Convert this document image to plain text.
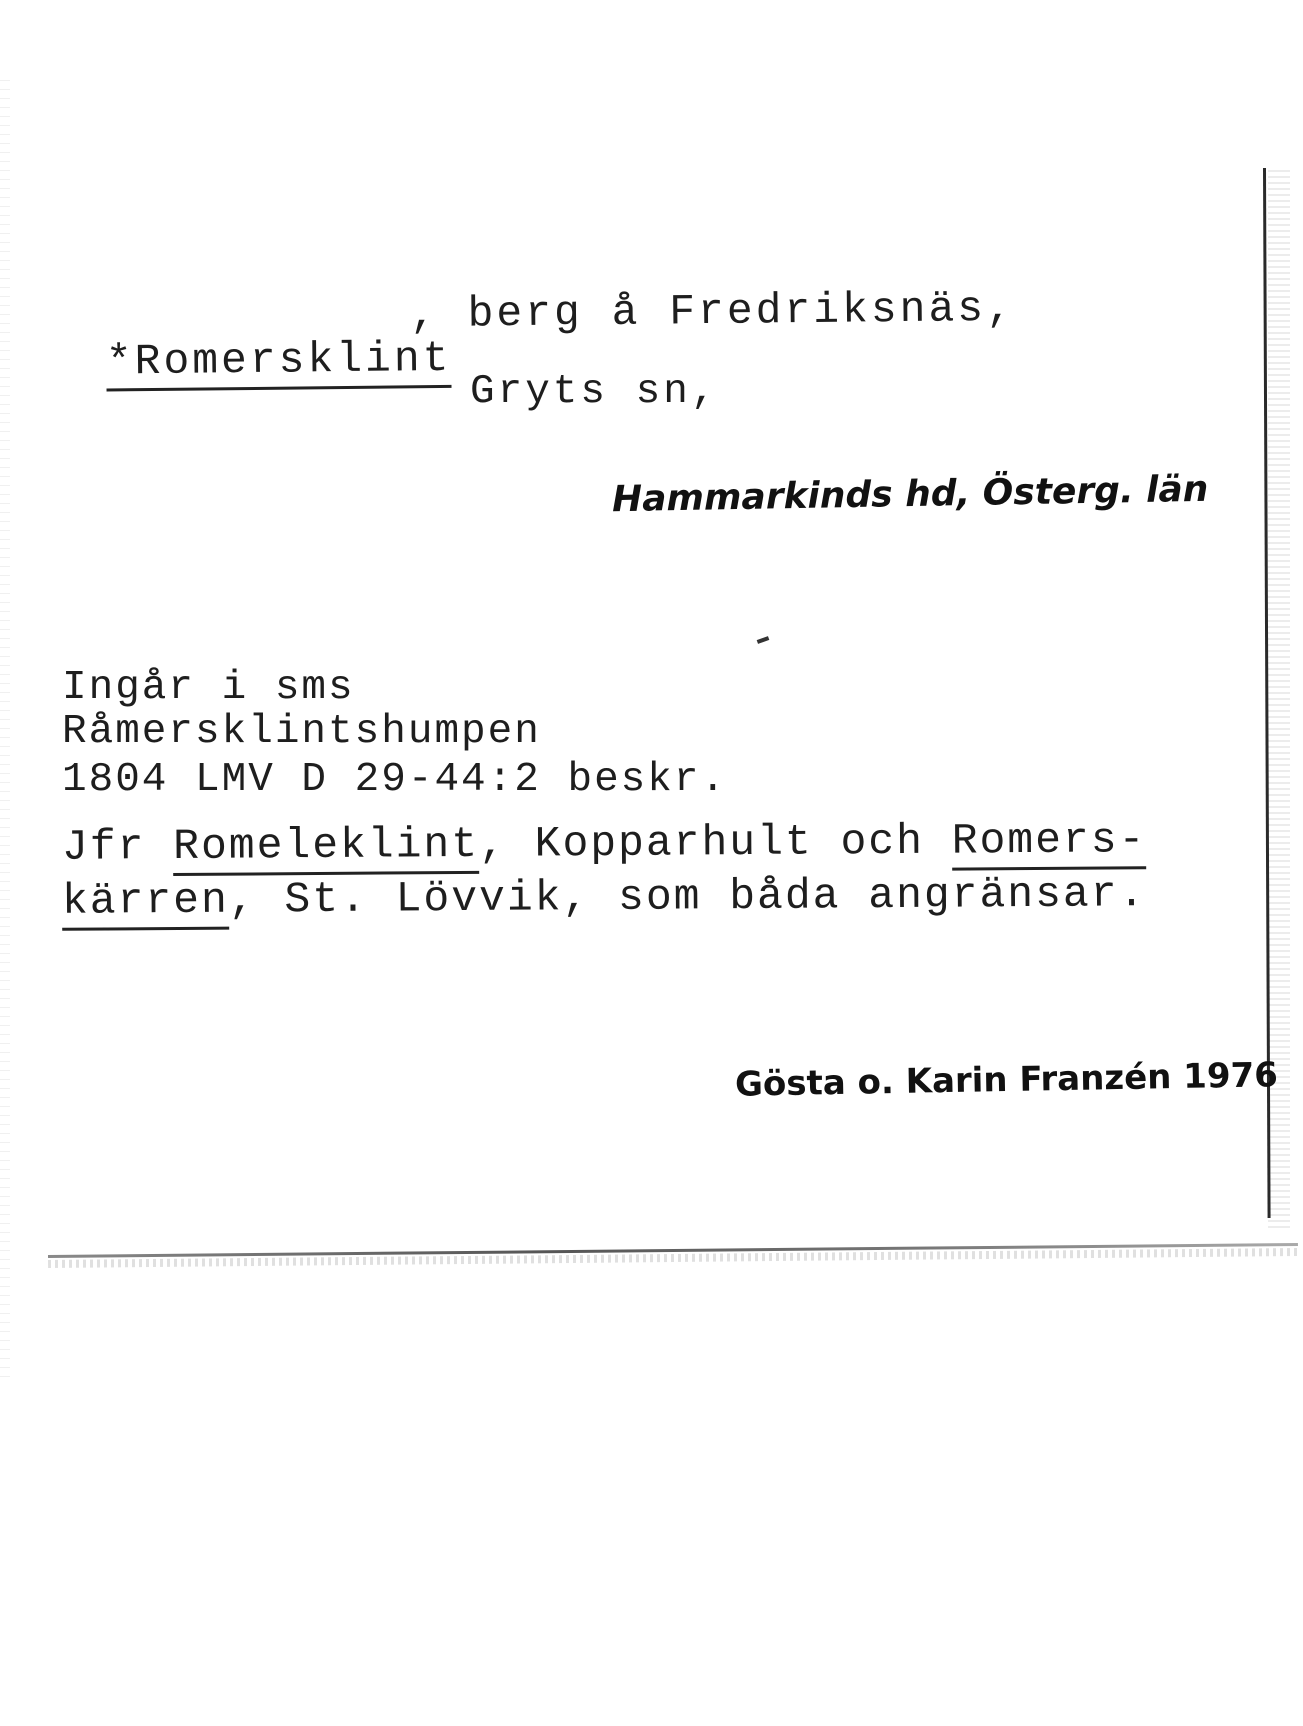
*Romersklint

, berg å Fredriksnäs,
Gryts sn,
Hammarkinds hd, Österg. län
Ingår i sms
Råmersklintshumpen
1804 LMV D 29-44:2 beskr.
Jfr Romeleklint, Kopparhult och Romers-
kärren, St. Lövvik, som båda angränsar.
Gösta o. Karin Franzén 1976
